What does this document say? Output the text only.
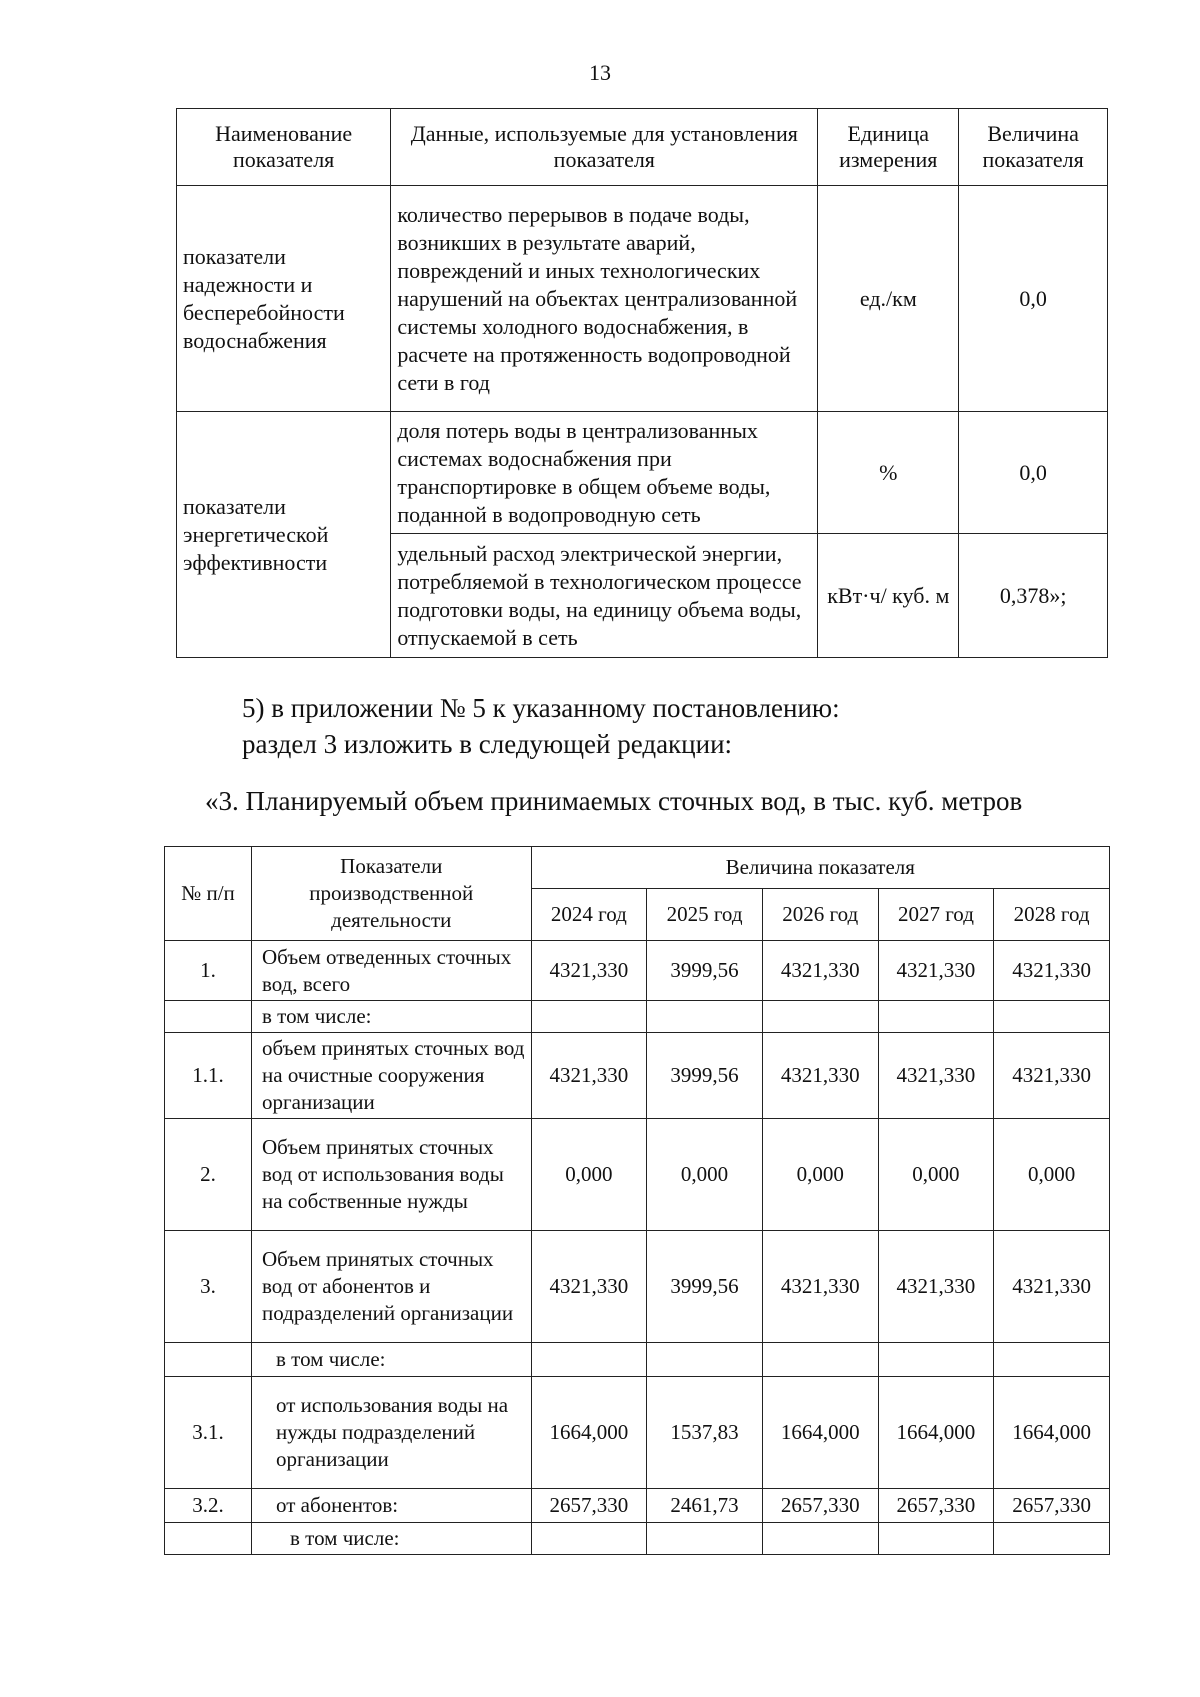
13
Наименование показателя	Данные, используемые для установления показателя	Единица измерения	Величина показателя
показатели надежности и бесперебойности водоснабжения	количество перерывов в подаче воды, возникших в результате аварий, повреждений и иных технологических нарушений на объектах централизованной системы холодного водоснабжения, в расчете на протяженность водопроводной сети в год	ед./км	0,0
показатели энергетической эффективности	доля потерь воды в централизованных системах водоснабжения при транспортировке в общем объеме воды, поданной в водопроводную сеть	%	0,0
	удельный расход электрической энергии, потребляемой в технологическом процессе подготовки воды, на единицу объема воды, отпускаемой в сеть	кВт·ч/ куб. м	0,378»;
5) в приложении № 5 к указанному постановлению:
раздел 3 изложить в следующей редакции:
«3. Планируемый объем принимаемых сточных вод, в тыс. куб. метров
№ п/п	Показатели производственной деятельности	Величина показателя				
		2024 год	2025 год	2026 год	2027 год	2028 год
1.	Объем отведенных сточных вод, всего	4321,330	3999,56	4321,330	4321,330	4321,330
	в том числе:					
1.1.	объем принятых сточных вод на очистные сооружения организации	4321,330	3999,56	4321,330	4321,330	4321,330
2.	Объем принятых сточных вод от использования воды на собственные нужды	0,000	0,000	0,000	0,000	0,000
3.	Объем принятых сточных вод от абонентов и подразделений организации	4321,330	3999,56	4321,330	4321,330	4321,330
	в том числе:					
3.1.	от использования воды на нужды подразделений организации	1664,000	1537,83	1664,000	1664,000	1664,000
3.2.	от абонентов:	2657,330	2461,73	2657,330	2657,330	2657,330
	в том числе:					
